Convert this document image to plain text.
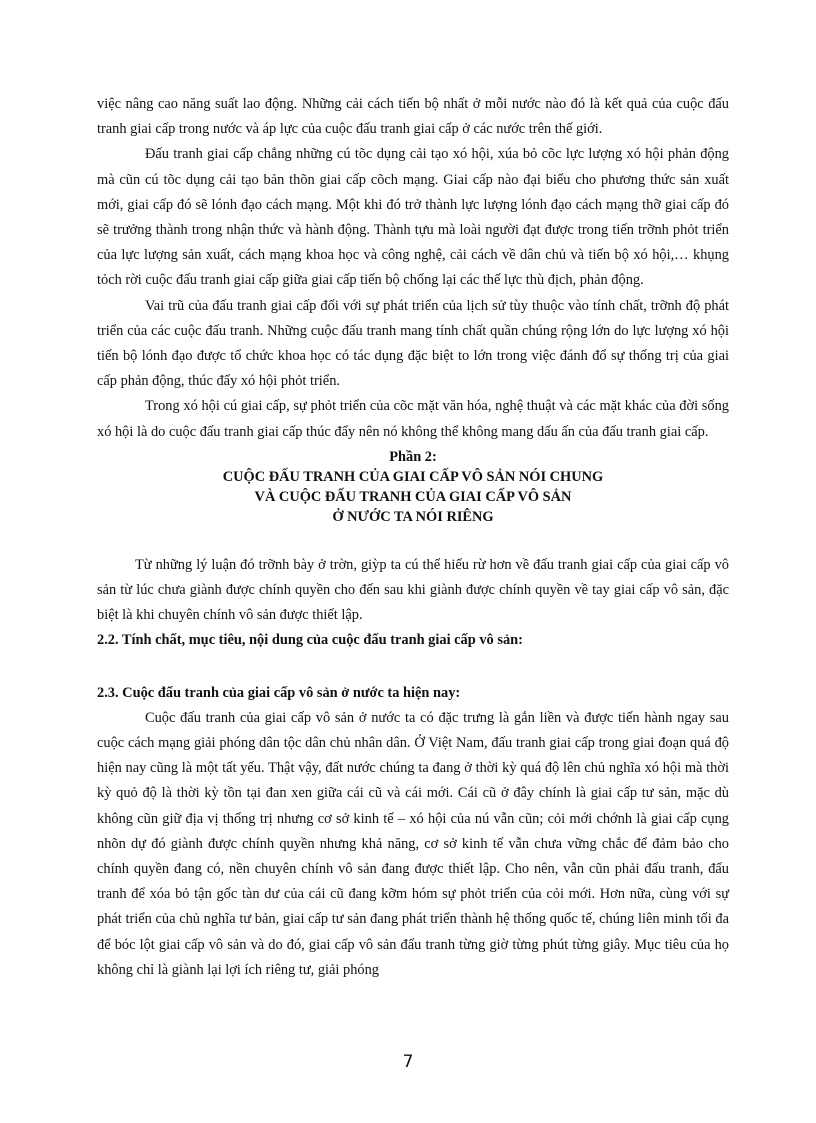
việc nâng cao năng suất lao động. Những cải cách tiến bộ nhất ở mỗi nước nào đó là kết quả của cuộc đấu tranh giai cấp trong nước và áp lực của cuộc đấu tranh giai cấp ở các nước trên thế giới.

Đấu tranh giai cấp chẳng những cú tõc dụng cải tạo xó hội, xúa bỏ cõc lực lượng xó hội phản động mà cũn cú tõc dụng cải tạo bản thõn giai cấp cõch mạng. Giai cấp nào đại biểu cho phương thức sản xuất mới, giai cấp đó sẽ lónh đạo cách mạng. Một khi đó trở thành lực lượng lónh đạo cách mạng thỡ giai cấp đó sẽ trưởng thành trong nhận thức và hành động. Thành tựu mà loài người đạt được trong tiến trỡnh phỏt triển của lực lượng sản xuất, cách mạng khoa học và công nghệ, cải cách về dân chủ và tiến bộ xó hội,… khụng tỏch rời cuộc đấu tranh giai cấp giữa giai cấp tiến bộ chống lại các thế lực thù địch, phản động.

Vai trũ của đấu tranh giai cấp đối với sự phát triển của lịch sử tùy thuộc vào tính chất, trỡnh độ phát triển của các cuộc đấu tranh. Những cuộc đấu tranh mang tính chất quần chúng rộng lớn do lực lượng xó hội tiến bộ lónh đạo được tổ chức khoa học có tác dụng đặc biệt to lớn trong việc đánh đổ sự thống trị của giai cấp phản động, thúc đẩy xó hội phỏt triển.

Trong xó hội cú giai cấp, sự phỏt triển của cõc mặt văn hóa, nghệ thuật và các mặt khác của đời sống xó hội là do cuộc đấu tranh giai cấp thúc đẩy nên nó không thể không mang dấu ấn của đấu tranh giai cấp.

Phần 2:
CUỘC ĐẤU TRANH CỦA GIAI CẤP VÔ SẢN NÓI CHUNG
VÀ CUỘC ĐẤU TRANH CỦA GIAI CẤP VÔ SẢN
Ở NƯỚC TA NÓI RIÊNG

Từ những lý luận đó trỡnh bày ở trờn, giỳp ta cú thể hiểu rừ hơn về đấu tranh giai cấp của giai cấp vô sản từ lúc chưa giành được chính quyền cho đến sau khi giành được chính quyền về tay giai cấp vô sản, đặc biệt là khi chuyên chính vô sản được thiết lập.

2.2. Tính chất, mục tiêu, nội dung của cuộc đấu tranh giai cấp vô sản:

2.3. Cuộc đấu tranh của giai cấp vô sản ở nước ta hiện nay:

Cuộc đấu tranh của giai cấp vô sản ở nước ta có đặc trưng là gắn liền và được tiến hành ngay sau cuộc cách mạng giải phóng dân tộc dân chủ nhân dân. Ở Việt Nam, đấu tranh giai cấp trong giai đoạn quá độ hiện nay cũng là một tất yếu. Thật vậy, đất nước chúng ta đang ở thời kỳ quá độ lên chủ nghĩa xó hội mà thời kỳ quỏ độ là thời kỳ tồn tại đan xen giữa cái cũ và cái mới. Cái cũ ở đây chính là giai cấp tư sản, mặc dù không cũn giữ địa vị thống trị nhưng cơ sở kinh tế – xó hội của nú vẫn cũn; cỏi mới chớnh là giai cấp cụng nhõn dự đó giành được chính quyền nhưng khả năng, cơ sở kinh tế vẫn chưa vững chắc để đảm bảo cho chính quyền đang có, nền chuyên chính vô sản đang được thiết lập. Cho nên, vẫn cũn phải đấu tranh, đấu tranh để xóa bỏ tận gốc tàn dư của cái cũ đang kỡm hóm sự phỏt triển của cỏi mới. Hơn nữa, cùng với sự phát triển của chủ nghĩa tư bản, giai cấp tư sản đang phát triển thành hệ thống quốc tế, chúng liên minh tối đa để bóc lột giai cấp vô sản và do đó, giai cấp vô sản đấu tranh từng giờ từng phút từng giây. Mục tiêu của họ không chỉ là giành lại lợi ích riêng tư, giải phóng

7
